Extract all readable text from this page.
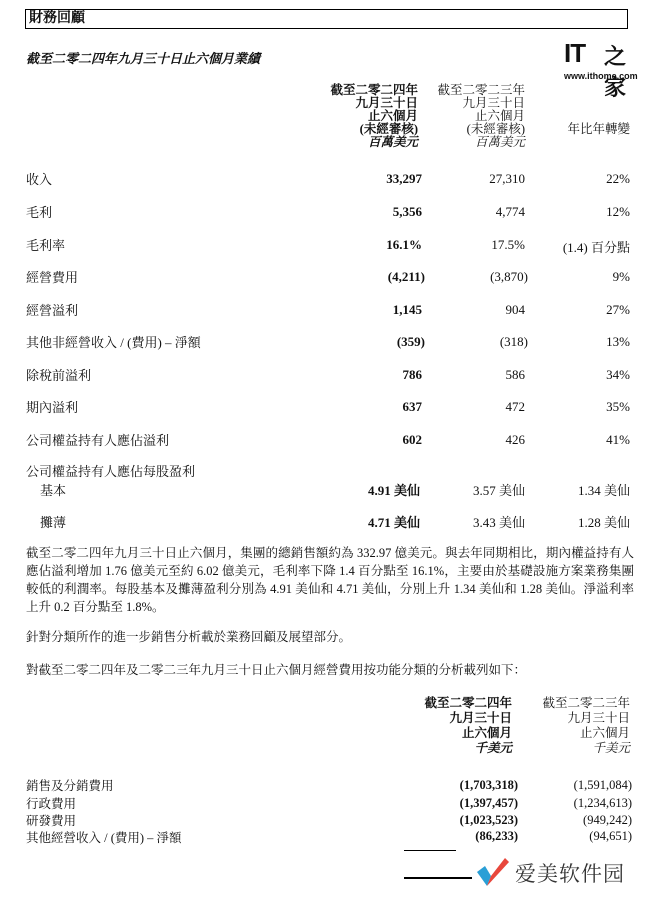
財務回顧
截至二零二四年九月三十日止六個月業績	IT 之家
www.ithome.com
截至二零二四年
九月三十日
止六個月
(未經審核)
百萬美元
截至二零二三年
九月三十日
止六個月
(未經審核)
百萬美元
年比年轉變
收入	33,297	27,310	22%
毛利	5,356	4,774	12%
毛利率	16.1%	17.5%	(1.4) 百分點
經營費用	(4,211)	(3,870)	9%
經營溢利	1,145	904	27%
其他非經營收入 / (費用) – 淨額	(359)	(318)	13%
除稅前溢利	786	586	34%
期內溢利	637	472	35%
公司權益持有人應佔溢利	602	426	41%
公司權益持有人應佔每股盈利
基本	4.91 美仙	3.57 美仙	1.34 美仙
攤薄	4.71 美仙	3.43 美仙	1.28 美仙
截至二零二四年九月三十日止六個月，集團的總銷售額約為 332.97 億美元。與去年同期相比，期內權益持有人應佔溢利增加 1.76 億美元至約 6.02 億美元，毛利率下降 1.4 百分點至 16.1%，主要由於基礎設施方案業務集團較低的利潤率。每股基本及攤薄盈利分別為 4.91 美仙和 4.71 美仙，分別上升 1.34 美仙和 1.28 美仙。淨溢利率上升 0.2 百分點至 1.8%。
針對分類所作的進一步銷售分析載於業務回顧及展望部分。
對截至二零二四年及二零二三年九月三十日止六個月經營費用按功能分類的分析載列如下：
截至二零二四年
九月三十日
止六個月
千美元
截至二零二三年
九月三十日
止六個月
千美元
銷售及分銷費用	(1,703,318)	(1,591,084)
行政費用	(1,397,457)	(1,234,613)
研發費用	(1,023,523)	(949,242)
其他經營收入 / (費用) – 淨額	(86,233)	(94,651)
爱美软件园
